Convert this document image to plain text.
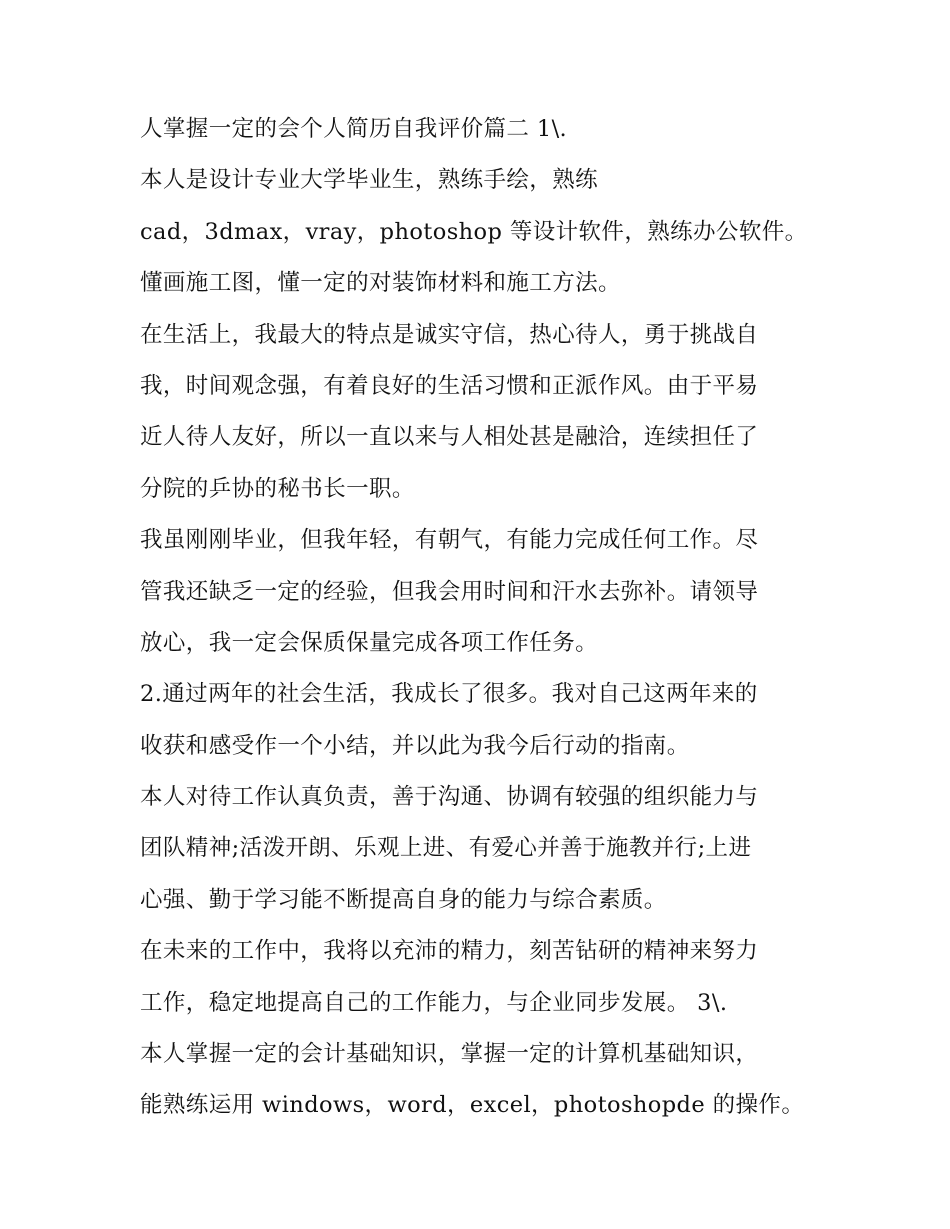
人掌握一定的会个人简历自我评价篇二 1\.
本人是设计专业大学毕业生，熟练手绘，熟练
cad，3dmax，vray，photoshop 等设计软件，熟练办公软件。
懂画施工图，懂一定的对装饰材料和施工方法。
在生活上，我最大的特点是诚实守信，热心待人，勇于挑战自
我，时间观念强，有着良好的生活习惯和正派作风。由于平易
近人待人友好，所以一直以来与人相处甚是融洽，连续担任了
分院的乒协的秘书长一职。
我虽刚刚毕业，但我年轻，有朝气，有能力完成任何工作。尽
管我还缺乏一定的经验，但我会用时间和汗水去弥补。请领导
放心，我一定会保质保量完成各项工作任务。
2.通过两年的社会生活，我成长了很多。我对自己这两年来的
收获和感受作一个小结，并以此为我今后行动的指南。
本人对待工作认真负责，善于沟通、协调有较强的组织能力与
团队精神;活泼开朗、乐观上进、有爱心并善于施教并行;上进
心强、勤于学习能不断提高自身的能力与综合素质。
在未来的工作中，我将以充沛的精力，刻苦钻研的精神来努力
工作，稳定地提高自己的工作能力，与企业同步发展。 3\.
本人掌握一定的会计基础知识，掌握一定的计算机基础知识，
能熟练运用 windows，word，excel，photoshopde 的操作。
